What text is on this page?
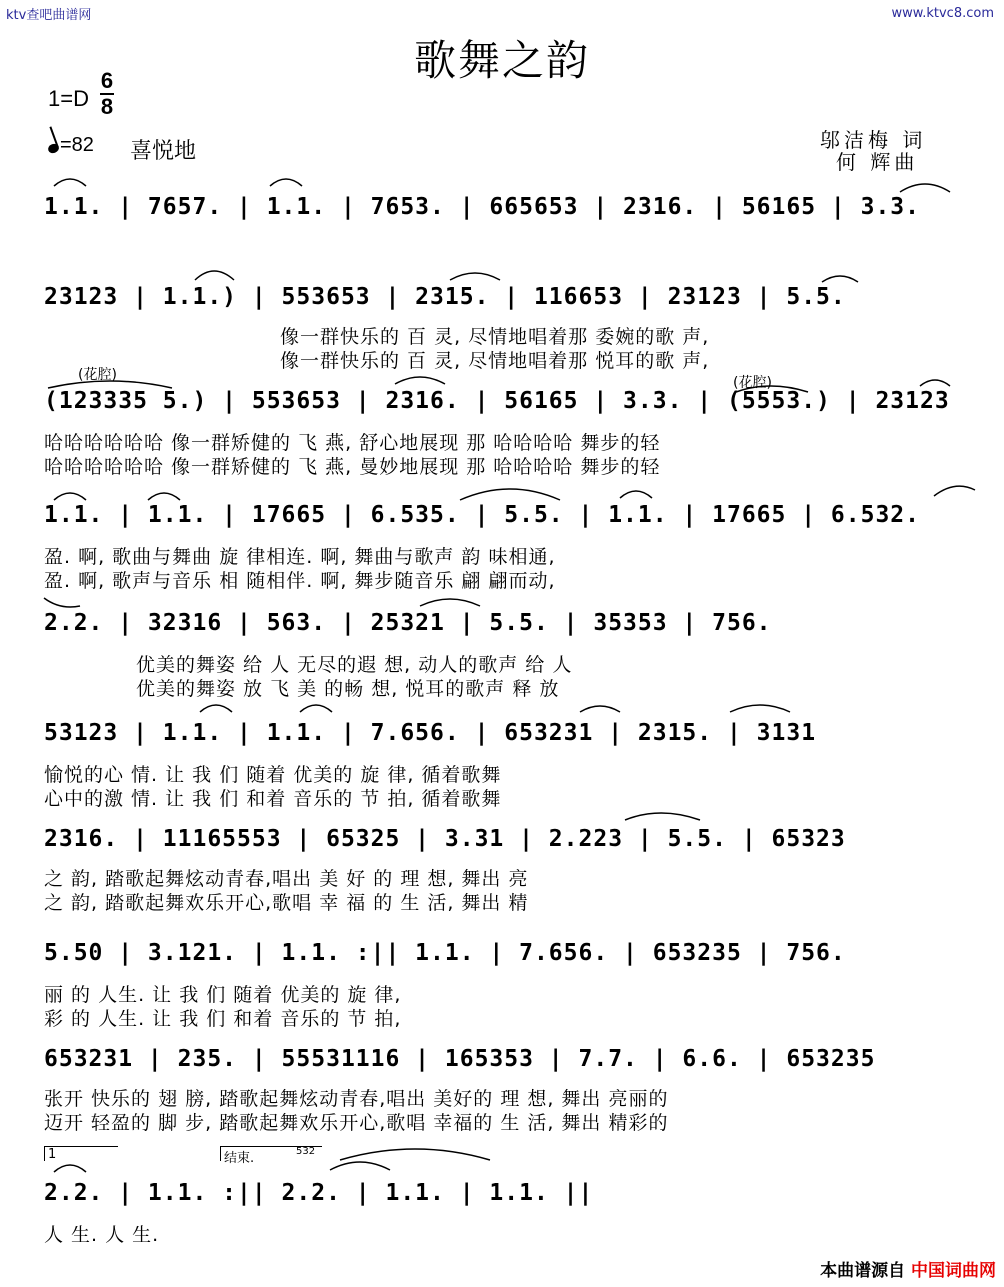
ktv查吧曲谱网	www.ktvc8.com
歌舞之韵
1=D
6
8
=82 喜悦地	邬洁梅 词
何 辉曲
1.1. | 7657. | 1.1. | 7653. | 665653 | 2316. | 56165 | 3.3.
23123 | 1.1.) | 553653 | 2315. | 116653 | 23123 | 5.5.
像一群快乐的 百 灵, 尽情地唱着那 委婉的歌 声,
像一群快乐的 百 灵, 尽情地唱着那 悦耳的歌 声,
(花腔)	(花腔)
(123335 5.) | 553653 | 2316. | 56165 | 3.3. | (5553.) | 23123
哈哈哈哈哈哈 像一群矫健的 飞 燕, 舒心地展现 那 哈哈哈哈 舞步的轻
哈哈哈哈哈哈 像一群矫健的 飞 燕, 曼妙地展现 那 哈哈哈哈 舞步的轻
1.1. | 1.1. | 17665 | 6.535. | 5.5. | 1.1. | 17665 | 6.532.
盈. 啊, 歌曲与舞曲 旋 律相连. 啊, 舞曲与歌声 韵 味相通,
盈. 啊, 歌声与音乐 相 随相伴. 啊, 舞步随音乐 翩 翩而动,
2.2. | 32316 | 563. | 25321 | 5.5. | 35353 | 756.
优美的舞姿 给 人 无尽的遐 想, 动人的歌声 给 人
优美的舞姿 放 飞 美 的畅 想, 悦耳的歌声 释 放
53123 | 1.1. | 1.1. | 7.656. | 653231 | 2315. | 3131
愉悦的心 情. 让 我 们 随着 优美的 旋 律, 循着歌舞
心中的激 情. 让 我 们 和着 音乐的 节 拍, 循着歌舞
2316. | 11165553 | 65325 | 3.31 | 2.223 | 5.5. | 65323
之 韵, 踏歌起舞炫动青春,唱出 美 好 的 理 想, 舞出 亮
之 韵, 踏歌起舞欢乐开心,歌唱 幸 福 的 生 活, 舞出 精
5.50 | 3.121. | 1.1. :|| 1.1. | 7.656. | 653235 | 756.
丽 的 人生. 让 我 们 随着 优美的 旋 律,
彩 的 人生. 让 我 们 和着 音乐的 节 拍,
653231 | 235. | 55531116 | 165353 | 7.7. | 6.6. | 653235
张开 快乐的 翅 膀, 踏歌起舞炫动青春,唱出 美好的 理 想, 舞出 亮丽的
迈开 轻盈的 脚 步, 踏歌起舞欢乐开心,歌唱 幸福的 生 活, 舞出 精彩的
1	结束.	532
2.2. | 1.1. :|| 2.2. | 1.1. | 1.1. ||
人 生. 人 生.
本曲谱源自 中国词曲网
